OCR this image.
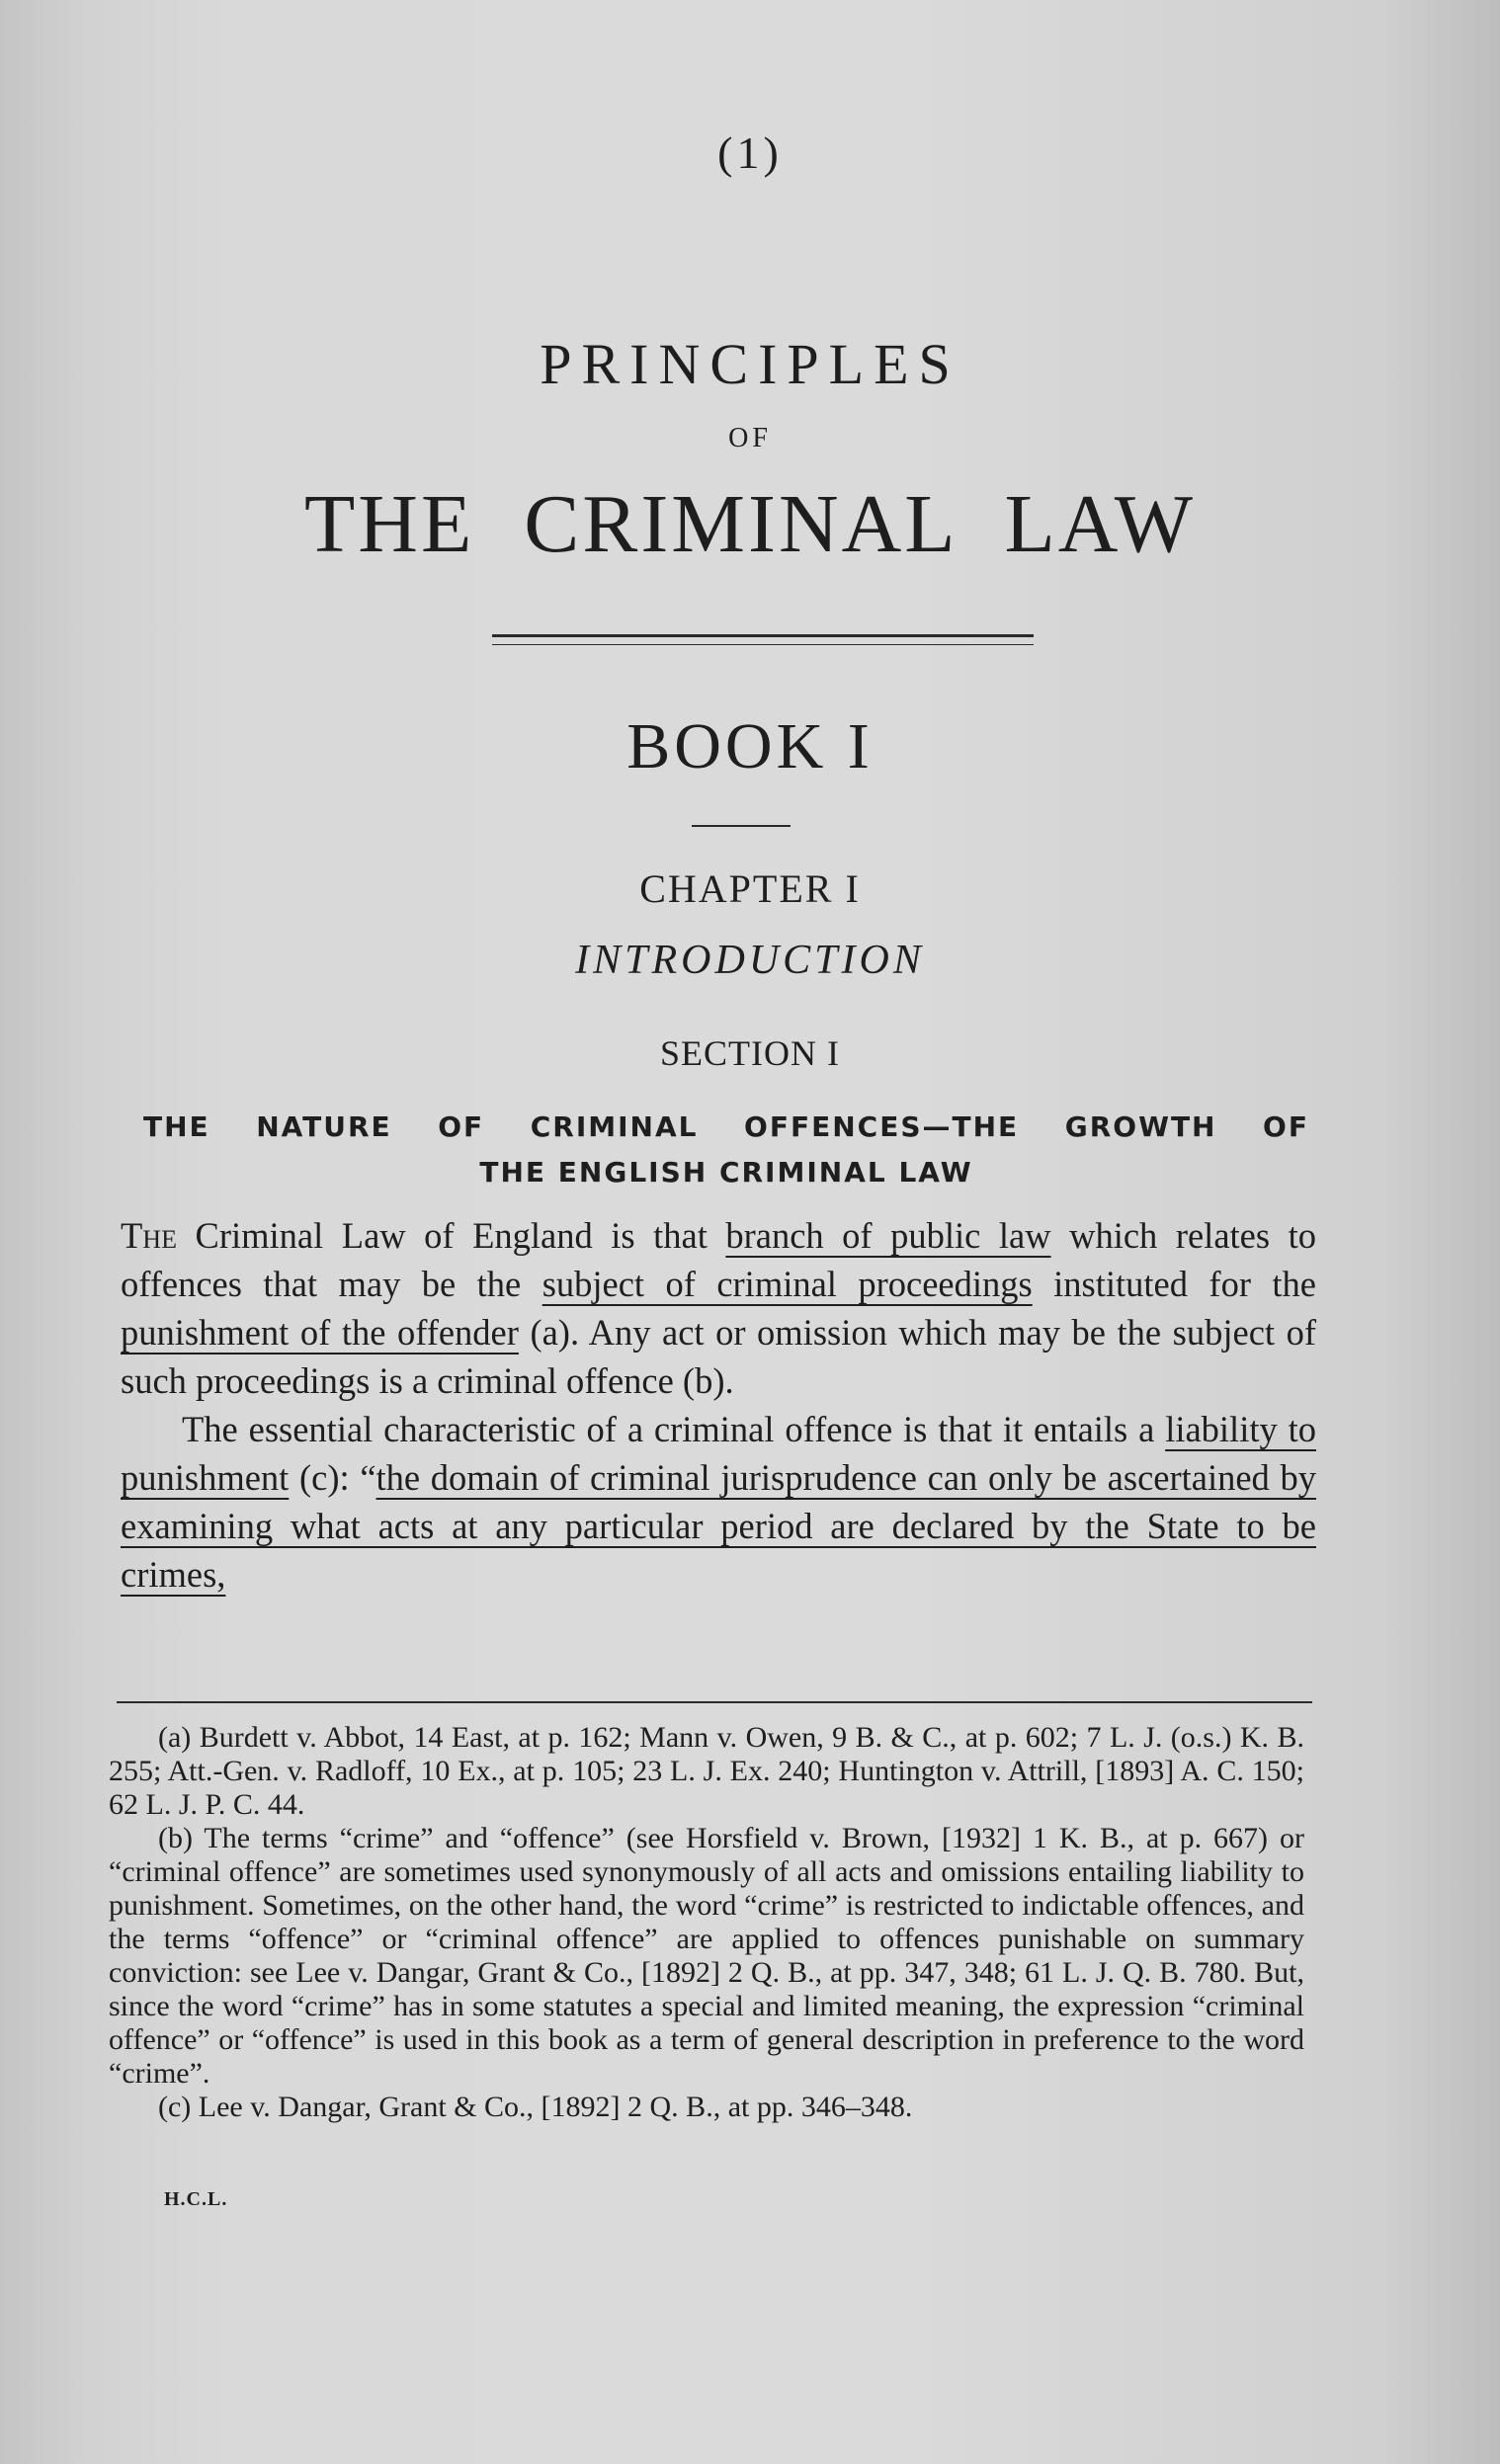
(1)
PRINCIPLES
OF
THE CRIMINAL LAW
BOOK I
CHAPTER I
INTRODUCTION
SECTION I
THE NATURE OF CRIMINAL OFFENCES—THE GROWTH OF
THE ENGLISH CRIMINAL LAW

The Criminal Law of England is that branch of public law which relates to offences that may be the subject of criminal proceedings instituted for the punishment of the offender (a). Any act or omission which may be the subject of such proceedings is a criminal offence (b).

The essential characteristic of a criminal offence is that it entails a liability to punishment (c): “the domain of criminal jurisprudence can only be ascertained by examining what acts at any particular period are declared by the State to be crimes,

(a) Burdett v. Abbot, 14 East, at p. 162; Mann v. Owen, 9 B. & C., at p. 602; 7 L. J. (o.s.) K. B. 255; Att.-Gen. v. Radloff, 10 Ex., at p. 105; 23 L. J. Ex. 240; Huntington v. Attrill, [1893] A. C. 150; 62 L. J. P. C. 44.

(b) The terms “crime” and “offence” (see Horsfield v. Brown, [1932] 1 K. B., at p. 667) or “criminal offence” are sometimes used synonymously of all acts and omissions entailing liability to punishment. Sometimes, on the other hand, the word “crime” is restricted to indictable offences, and the terms “offence” or “criminal offence” are applied to offences punishable on summary conviction: see Lee v. Dangar, Grant & Co., [1892] 2 Q. B., at pp. 347, 348; 61 L. J. Q. B. 780. But, since the word “crime” has in some statutes a special and limited meaning, the expression “criminal offence” or “offence” is used in this book as a term of general description in preference to the word “crime”.

(c) Lee v. Dangar, Grant & Co., [1892] 2 Q. B., at pp. 346–348.

H.C.L.
